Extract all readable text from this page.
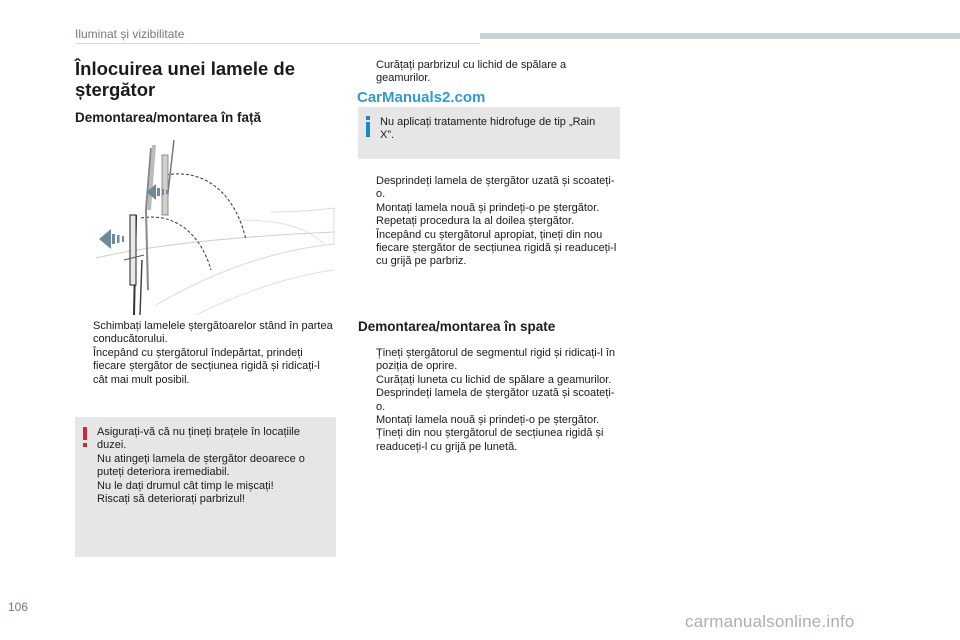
Iluminat și vizibilitate
Înlocuirea unei lamele de ștergător	CarManuals2.com
Demontarea/montarea în față
Schimbați lamelele ștergătoarelor stând în partea conducătorului.
Începând cu ștergătorul îndepărtat, prindeți fiecare ștergător de secțiunea rigidă și ridicați-l cât mai mult posibil.
Asigurați-vă că nu țineți brațele în locațiile duzei.
Nu atingeți lamela de ștergător deoarece o puteți deteriora iremediabil.
Nu le dați drumul cât timp le mișcați!
Riscați să deteriorați parbrizul!
Curățați parbrizul cu lichid de spălare a geamurilor.
Nu aplicați tratamente hidrofuge de tip „Rain X”.
Desprindeți lamela de ștergător uzată și scoateți-o.
Montați lamela nouă și prindeți-o pe ștergător.
Repetați procedura la al doilea ștergător.
Începând cu ștergătorul apropiat, țineți din nou fiecare ștergător de secțiunea rigidă și readuceți-l cu grijă pe parbriz.
Demontarea/montarea în spate
Țineți ștergătorul de segmentul rigid și ridicați-l în poziția de oprire.
Curățați luneta cu lichid de spălare a geamurilor.
Desprindeți lamela de ștergător uzată și scoateți-o.
Montați lamela nouă și prindeți-o pe ștergător.
Țineți din nou ștergătorul de secțiunea rigidă și readuceți-l cu grijă pe lunetă.
106
carmanualsonline.info
